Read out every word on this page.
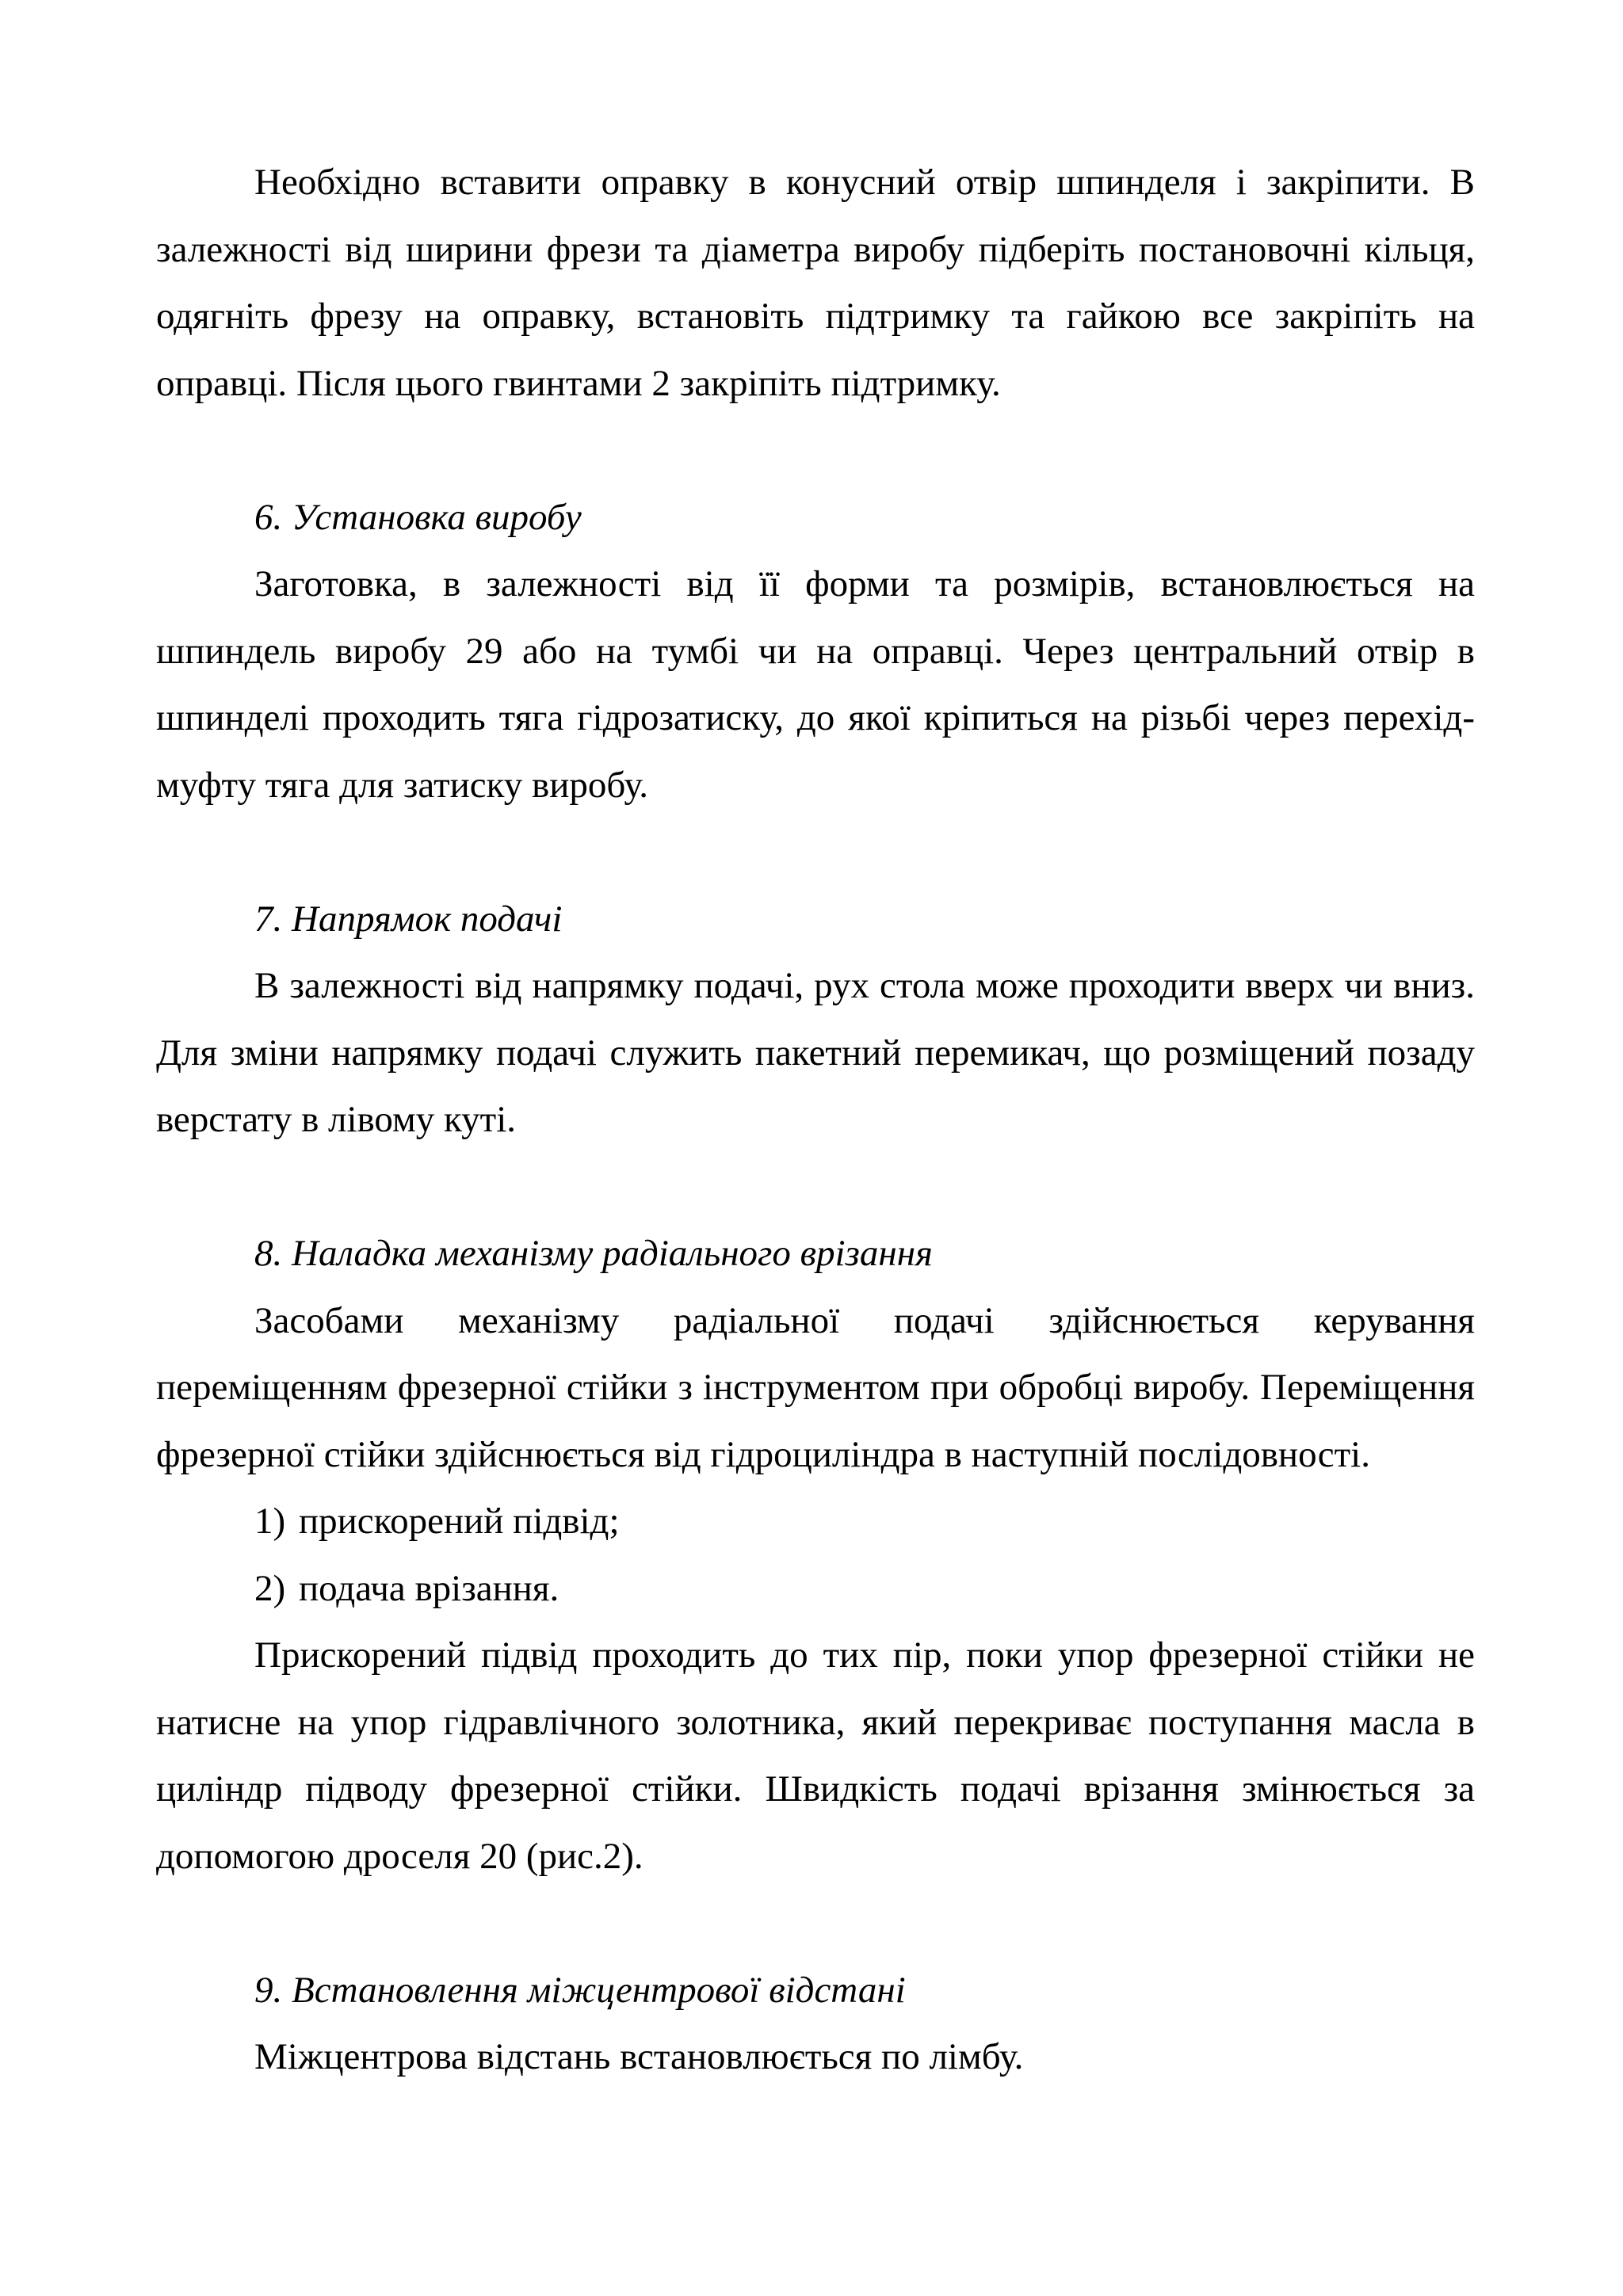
Необхідно вставити оправку в конусний отвір шпинделя і закріпити. В залежності від ширини фрези та діаметра виробу підберіть постановочні кільця, одягніть фрезу на оправку, встановіть підтримку та гайкою все закріпіть на оправці. Після цього гвинтами 2 закріпіть підтримку.

6. Установка виробу

Заготовка, в залежності від її форми та розмірів, встановлюється на шпиндель виробу 29 або на тумбі чи на оправці. Через центральний отвір в шпинделі проходить тяга гідрозатиску, до якої кріпиться на різьбі через перехід-муфту тяга для затиску виробу.

7. Напрямок подачі

В залежності від напрямку подачі, рух стола може проходити вверх чи вниз. Для зміни напрямку подачі служить пакетний перемикач, що розміщений позаду верстату в лівому куті.

8. Наладка механізму радіального врізання

Засобами механізму радіальної подачі здійснюється керування переміщенням фрезерної стійки з інструментом при обробці виробу. Переміщення фрезерної стійки здійснюється від гідроциліндра в наступній послідовності.

1) прискорений підвід;

2) подача врізання.

Прискорений підвід проходить до тих пір, поки упор фрезерної стійки не натисне на упор гідравлічного золотника, який перекриває поступання масла в циліндр підводу фрезерної стійки. Швидкість подачі врізання змінюється за допомогою дроселя 20 (рис.2).

9. Встановлення міжцентрової відстані

Міжцентрова відстань встановлюється по лімбу.
